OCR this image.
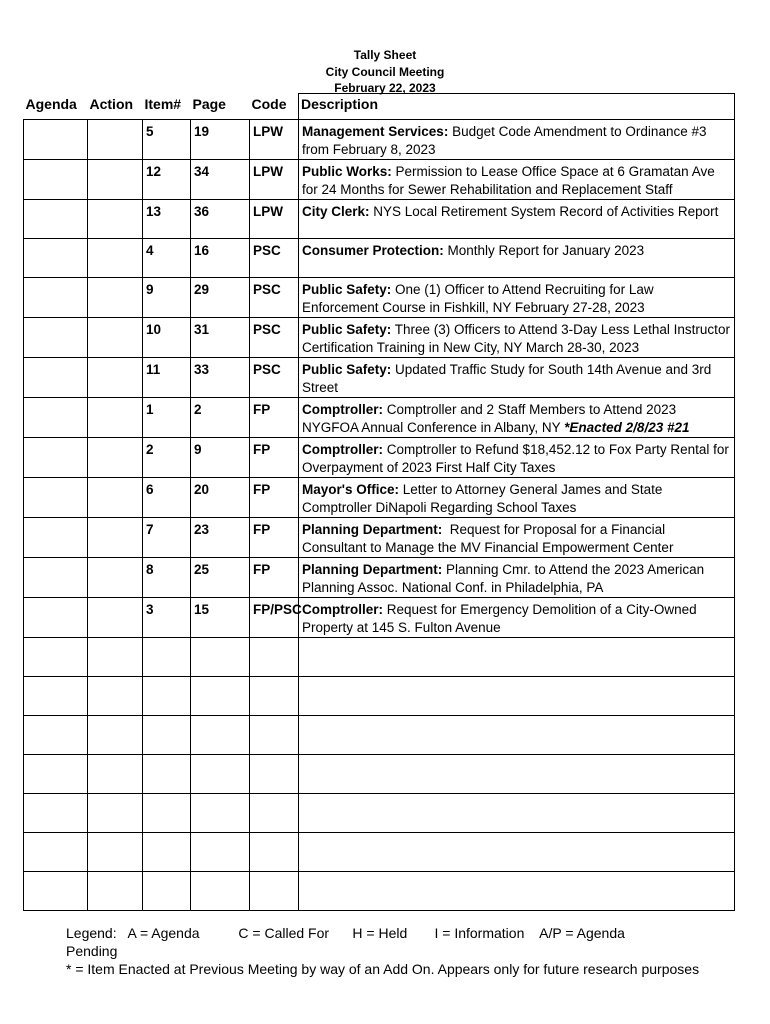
Tally Sheet
City Council Meeting
February 22, 2023
Agenda	Action	Item#	Page	Code	Description
		5	19	LPW	Management Services: Budget Code Amendment to Ordinance #3 from February 8, 2023
		12	34	LPW	Public Works: Permission to Lease Office Space at 6 Gramatan Ave for 24 Months for Sewer Rehabilitation and Replacement Staff
		13	36	LPW	City Clerk: NYS Local Retirement System Record of Activities Report
		4	16	PSC	Consumer Protection: Monthly Report for January 2023
		9	29	PSC	Public Safety: One (1) Officer to Attend Recruiting for Law Enforcement Course in Fishkill, NY February 27-28, 2023
		10	31	PSC	Public Safety: Three (3) Officers to Attend 3-Day Less Lethal Instructor Certification Training in New City, NY March 28-30, 2023
		11	33	PSC	Public Safety: Updated Traffic Study for South 14th Avenue and 3rd Street
		1	2	FP	Comptroller: Comptroller and 2 Staff Members to Attend 2023 NYGFOA Annual Conference in Albany, NY *Enacted 2/8/23 #21
		2	9	FP	Comptroller: Comptroller to Refund $18,452.12 to Fox Party Rental for Overpayment of 2023 First Half City Taxes
		6	20	FP	Mayor's Office: Letter to Attorney General James and State Comptroller DiNapoli Regarding School Taxes
		7	23	FP	Planning Department:  Request for Proposal for a Financial Consultant to Manage the MV Financial Empowerment Center
		8	25	FP	Planning Department: Planning Cmr. to Attend the 2023 American Planning Assoc. National Conf. in Philadelphia, PA
		3	15	FP/PSC	Comptroller: Request for Emergency Demolition of a City-Owned Property at 145 S. Fulton Avenue

Legend:   A = Agenda          C = Called For      H = Held       I = Information    A/P = Agenda
Pending
* = Item Enacted at Previous Meeting by way of an Add On. Appears only for future research purposes
